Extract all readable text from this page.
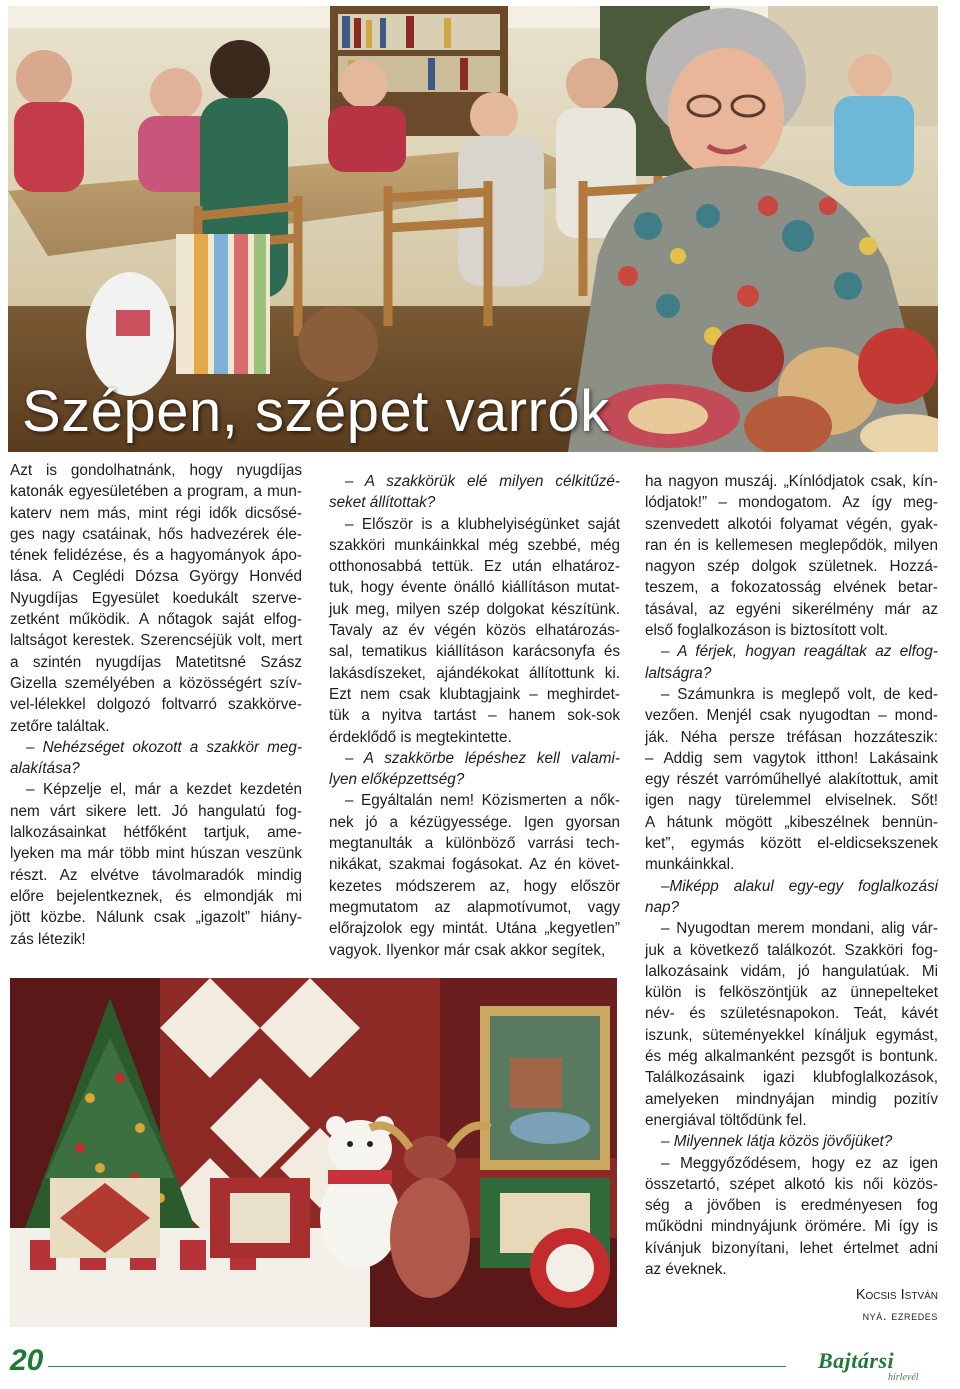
Szépen, szépet varrók
Azt is gondolhatnánk, hogy nyugdíjas
katonák egyesületében a program, a mun-
katerv nem más, mint régi idők dicsősé-
ges nagy csatáinak, hős hadvezérek éle-
tének felidézése, és a hagyományok ápo-
lása. A Ceglédi Dózsa György Honvéd
Nyugdíjas Egyesület koedukált szerve-
zetként működik. A nőtagok saját elfog-
laltságot kerestek. Szerencséjük volt, mert
a szintén nyugdíjas Matetitsné Szász
Gizella személyében a közösségért szív-
vel-lélekkel dolgozó foltvarró szakkörve-
zetőre találtak.
– Nehézséget okozott a szakkör meg-
alakítása?
– Képzelje el, már a kezdet kezdetén
nem várt sikere lett. Jó hangulatú fog-
lalkozásainkat hétfőként tartjuk, ame-
lyeken ma már több mint húszan veszünk
részt. Az elvétve távolmaradók mindig
előre bejelentkeznek, és elmondják mi
jött közbe. Nálunk csak „igazolt” hiány-
zás létezik!
– A szakkörük elé milyen célkitűzé-
seket állítottak?
– Először is a klubhelyiségünket saját
szakköri munkáinkkal még szebbé, még
otthonosabbá tettük. Ez után elhatároz-
tuk, hogy évente önálló kiállításon mutat-
juk meg, milyen szép dolgokat készítünk.
Tavaly az év végén közös elhatározás-
sal, tematikus kiállításon karácsonyfa és
lakásdíszeket, ajándékokat állítottunk ki.
Ezt nem csak klubtagjaink – meghirdet-
tük a nyitva tartást – hanem sok-sok
érdeklődő is megtekintette.
– A szakkörbe lépéshez kell valami-
lyen előképzettség?
– Egyáltalán nem! Közismerten a nők-
nek jó a kézügyessége. Igen gyorsan
megtanulták a különböző varrási tech-
nikákat, szakmai fogásokat. Az én követ-
kezetes módszerem az, hogy először
megmutatom az alapmotívumot, vagy
előrajzolok egy mintát. Utána „kegyetlen”
vagyok. Ilyenkor már csak akkor segítek,
ha nagyon muszáj. „Kínlódjatok csak, kín-
lódjatok!” – mondogatom. Az így meg-
szenvedett alkotói folyamat végén, gyak-
ran én is kellemesen meglepődök, milyen
nagyon szép dolgok születnek. Hozzá-
teszem, a fokozatosság elvének betar-
tásával, az egyéni sikerélmény már az
első foglalkozáson is biztosított volt.
– A férjek, hogyan reagáltak az elfog-
laltságra?
– Számunkra is meglepő volt, de ked-
vezően. Menjél csak nyugodtan – mond-
ják. Néha persze tréfásan hozzáteszik:
– Addig sem vagytok itthon! Lakásaink
egy részét varróműhellyé alakítottuk, amit
igen nagy türelemmel elviselnek. Sőt!
A hátunk mögött „kibeszélnek bennün-
ket”, egymás között el-eldicsekszenek
munkáinkkal.
–Miképp alakul egy-egy foglalkozási
nap?
– Nyugodtan merem mondani, alig vár-
juk a következő találkozót. Szakköri fog-
lalkozásaink vidám, jó hangulatúak. Mi
külön is felköszöntjük az ünnepelteket
név- és születésnapokon. Teát, kávét
iszunk, süteményekkel kínáljuk egymást,
és még alkalmanként pezsgőt is bontunk.
Találkozásaink igazi klubfoglalkozások,
amelyeken mindnyájan mindig pozitív
energiával töltődünk fel.
– Milyennek látja közös jövőjüket?
– Meggyőződésem, hogy ez az igen
összetartó, szépet alkotó kis női közös-
ség a jövőben is eredményesen fog
működni mindnyájunk örömére. Mi így is
kívánjuk bizonyítani, lehet értelmet adni
az éveknek.
Kocsis István
nyá. ezredes
20	Bajtársi
hírlevél
